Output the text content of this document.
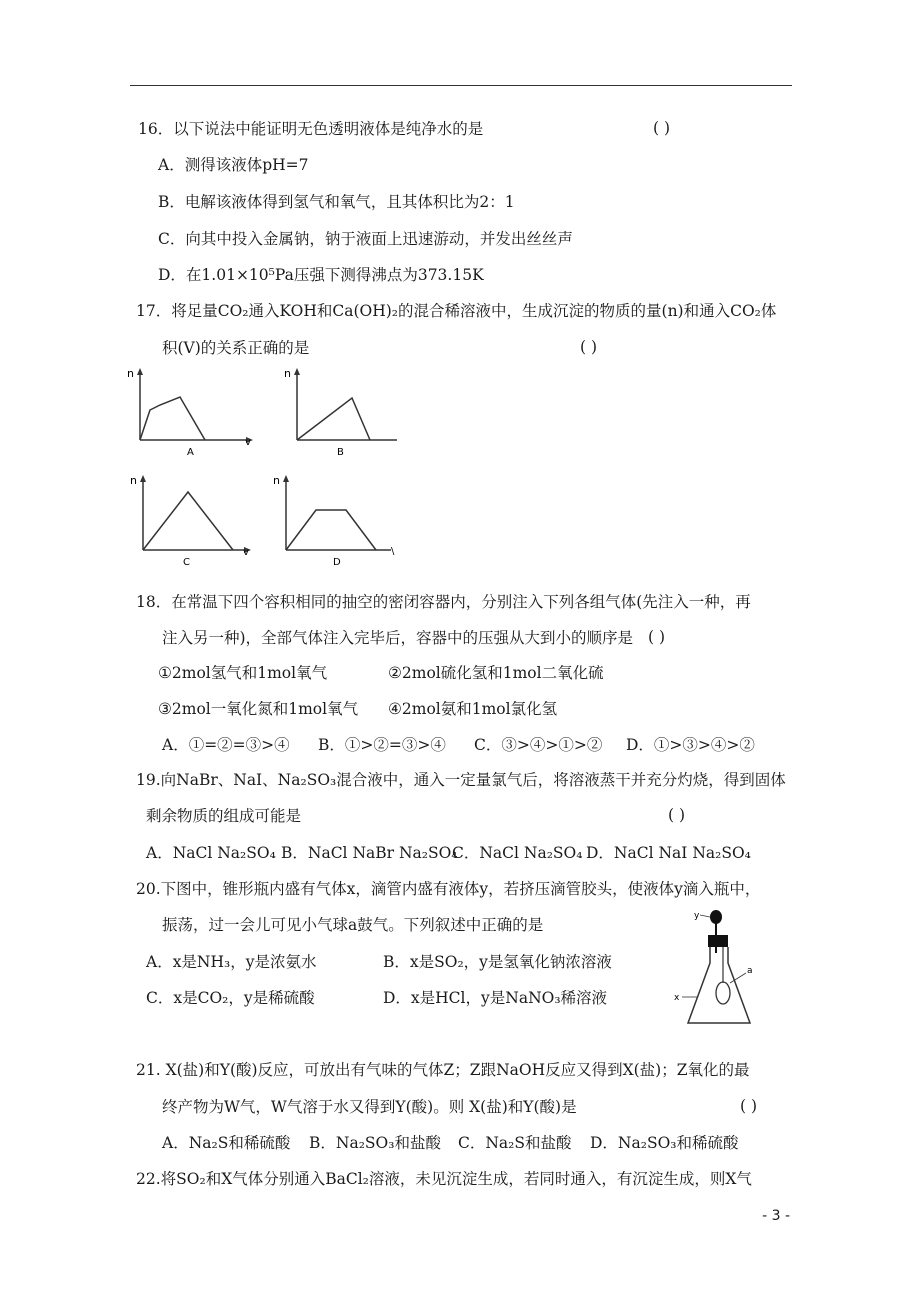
16．以下说法中能证明无色透明液体是纯净水的是	( )
A．测得该液体pH=7
B．电解该液体得到氢气和氧气，且其体积比为2：1
C．向其中投入金属钠，钠于液面上迅速游动，并发出丝丝声
D．在1.01×10⁵Pa压强下测得沸点为373.15K
17．将足量CO₂通入KOH和Ca(OH)₂的混合稀溶液中，生成沉淀的物质的量(n)和通入CO₂体
积(V)的关系正确的是	( )
n
v
A
n
B
n
v
C
n
\
D
18．在常温下四个容积相同的抽空的密闭容器内，分别注入下列各组气体(先注入一种，再
注入另一种)，全部气体注入完毕后，容器中的压强从大到小的顺序是 ( )
①2mol氢气和1mol氧气	②2mol硫化氢和1mol二氧化硫
③2mol一氧化氮和1mol氧气 ④2mol氨和1mol氯化氢
A．①=②=③>④ B．①>②=③>④ C．③>④>①>② D．①>③>④>②
19.向NaBr、NaI、Na₂SO₃混合液中，通入一定量氯气后，将溶液蒸干并充分灼烧，得到固体
剩余物质的组成可能是	( )
A．NaCl Na₂SO₄ B．NaCl NaBr Na₂SO₄
C．NaCl Na₂SO₄ D．NaCl NaI Na₂SO₄
20.下图中，锥形瓶内盛有气体x，滴管内盛有液体y，若挤压滴管胶头，使液体y滴入瓶中，
振荡，过一会儿可见小气球a鼓气。下列叙述中正确的是
A．x是NH₃，y是浓氨水	B．x是SO₂，y是氢氧化钠浓溶液
C．x是CO₂，y是稀硫酸	D．x是HCl，y是NaNO₃稀溶液
y
a
x
21. X(盐)和Y(酸)反应，可放出有气味的气体Z；Z跟NaOH反应又得到X(盐)；Z氧化的最
终产物为W气，W气溶于水又得到Y(酸)。则 X(盐)和Y(酸)是	( )
A．Na₂S和稀硫酸 B．Na₂SO₃和盐酸 C．Na₂S和盐酸 D．Na₂SO₃和稀硫酸
22.将SO₂和X气体分别通入BaCl₂溶液，未见沉淀生成，若同时通入，有沉淀生成，则X气
- 3 -
